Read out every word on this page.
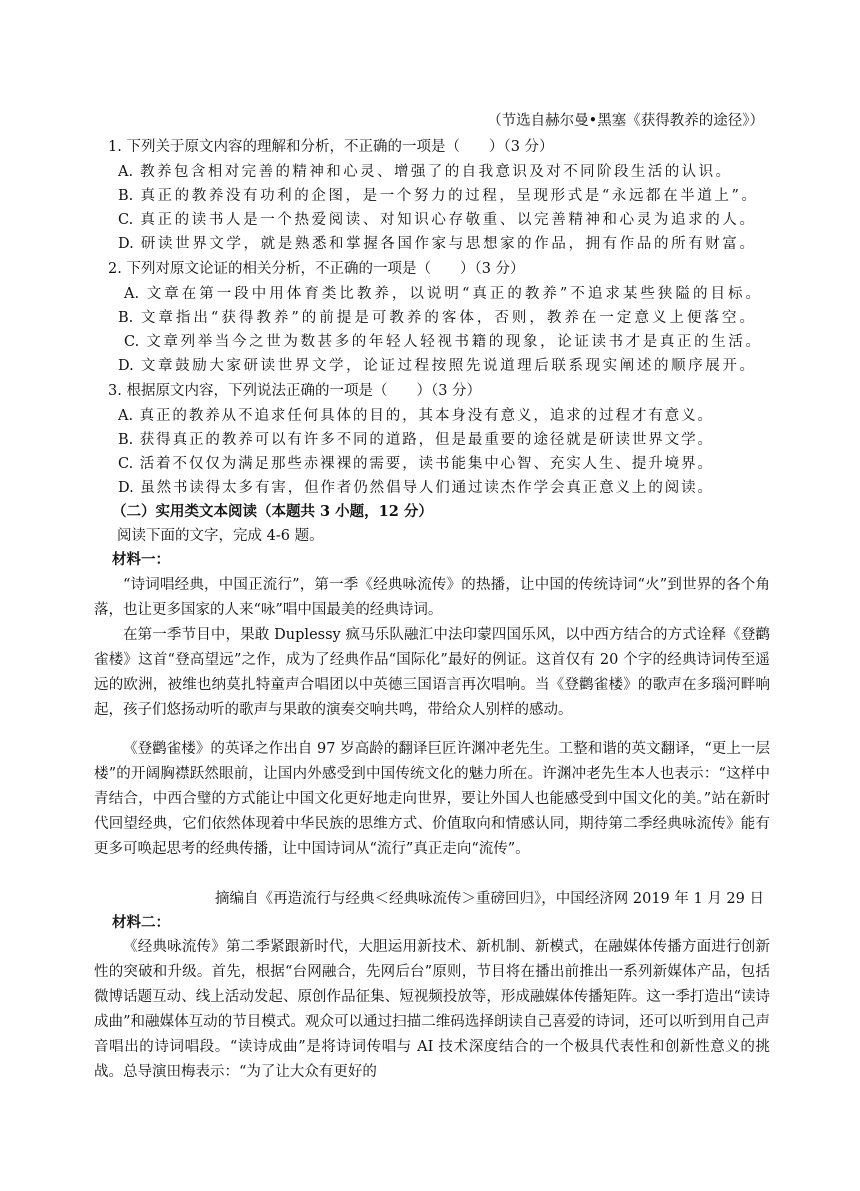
（节选自赫尔曼•黑塞《获得教养的途径》）
1. 下列关于原文内容的理解和分析，不正确的一项是（　　）（3 分）
A. 教养包含相对完善的精神和心灵、增强了的自我意识及对不同阶段生活的认识。
B. 真正的教养没有功利的企图，是一个努力的过程，呈现形式是“永远都在半道上”。
C. 真正的读书人是一个热爱阅读、对知识心存敬重、以完善精神和心灵为追求的人。
D. 研读世界文学，就是熟悉和掌握各国作家与思想家的作品，拥有作品的所有财富。
2. 下列对原文论证的相关分析，不正确的一项是（　　）（3 分）
A. 文章在第一段中用体育类比教养，以说明“真正的教养”不追求某些狭隘的目标。
B. 文章指出“获得教养”的前提是可教养的客体，否则，教养在一定意义上便落空。
C. 文章列举当今之世为数甚多的年轻人轻视书籍的现象，论证读书才是真正的生活。
D. 文章鼓励大家研读世界文学，论证过程按照先说道理后联系现实阐述的顺序展开。
3. 根据原文内容，下列说法正确的一项是（　　）（3 分）
A. 真正的教养从不追求任何具体的目的，其本身没有意义，追求的过程才有意义。
B. 获得真正的教养可以有许多不同的道路，但是最重要的途径就是研读世界文学。
C. 活着不仅仅为满足那些赤裸裸的需要，读书能集中心智、充实人生、提升境界。
D. 虽然书读得太多有害，但作者仍然倡导人们通过读杰作学会真正意义上的阅读。
（二）实用类文本阅读（本题共 3 小题，12 分）
阅读下面的文字，完成 4-6 题。
材料一：
“诗词唱经典，中国正流行”，第一季《经典咏流传》的热播，让中国的传统诗词“火”到世界的各个角落，也让更多国家的人来“咏”唱中国最美的经典诗词。
在第一季节目中，果敢 Duplessy 疯马乐队融汇中法印蒙四国乐风，以中西方结合的方式诠释《登鹳雀楼》这首“登高望远”之作，成为了经典作品“国际化”最好的例证。这首仅有 20 个字的经典诗词传至遥远的欧洲，被维也纳莫扎特童声合唱团以中英德三国语言再次唱响。当《登鹳雀楼》的歌声在多瑙河畔响起，孩子们悠扬动听的歌声与果敢的演奏交响共鸣，带给众人别样的感动。
《登鹳雀楼》的英译之作出自 97 岁高龄的翻译巨匠许渊冲老先生。工整和谐的英文翻译，“更上一层楼”的开阔胸襟跃然眼前，让国内外感受到中国传统文化的魅力所在。许渊冲老先生本人也表示：“这样中青结合，中西合璧的方式能让中国文化更好地走向世界，要让外国人也能感受到中国文化的美。”站在新时代回望经典，它们依然体现着中华民族的思维方式、价值取向和情感认同，期待第二季经典咏流传》能有更多可唤起思考的经典传播，让中国诗词从“流行”真正走向“流传”。
摘编自《再造流行与经典＜经典咏流传＞重磅回归》，中国经济网 2019 年 1 月 29 日
材料二：
《经典咏流传》第二季紧跟新时代，大胆运用新技术、新机制、新模式，在融媒体传播方面进行创新性的突破和升级。首先，根据“台网融合，先网后台”原则，节目将在播出前推出一系列新媒体产品，包括微博话题互动、线上活动发起、原创作品征集、短视频投放等，形成融媒体传播矩阵。这一季打造出“读诗成曲”和融媒体互动的节目模式。观众可以通过扫描二维码选择朗读自己喜爱的诗词，还可以听到用自己声音唱出的诗词唱段。“读诗成曲”是将诗词传唱与 AI 技术深度结合的一个极具代表性和创新性意义的挑战。总导演田梅表示：“为了让大众有更好的
